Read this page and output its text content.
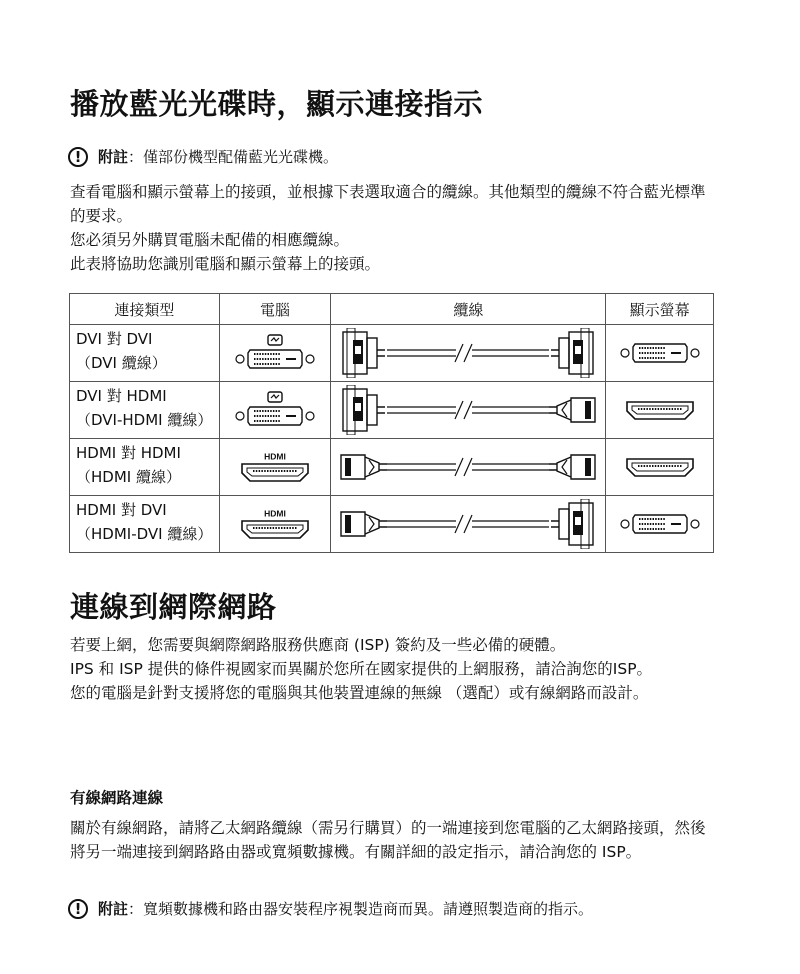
播放藍光光碟時，顯示連接指示
!	附註 ：僅部份機型配備藍光光碟機。

查看電腦和顯示螢幕上的接頭，並根據下表選取適合的纜線。其他類型的纜線不符合藍光標準的要求。
您必須另外購買電腦未配備的相應纜線。
此表將協助您識別電腦和顯示螢幕上的接頭。

連接類型	電腦	纜線	顯示螢幕

DVI 對 DVI
（DVI 纜線）

DVI 對 HDMI
（DVI-HDMI 纜線）

HDMI 對 HDMI
（HDMI 纜線）	HDMI

HDMI 對 DVI
（HDMI-DVI 纜線）	HDMI

連線到網際網路

若要上網，您需要與網際網路服務供應商 (ISP) 簽約及一些必備的硬體。
IPS 和 ISP 提供的條件視國家而異關於您所在國家提供的上網服務，請洽詢您的ISP。
您的電腦是針對支援將您的電腦與其他裝置連線的無線 （選配）或有線網路而設計。

有線網路連線

關於有線網路，請將乙太網路纜線（需另行購買）的一端連接到您電腦的乙太網路接頭，然後將另一端連接到網路路由器或寬頻數據機。有關詳細的設定指示，請洽詢您的 ISP。

!	附註 ：寬頻數據機和路由器安裝程序視製造商而異。請遵照製造商的指示。
